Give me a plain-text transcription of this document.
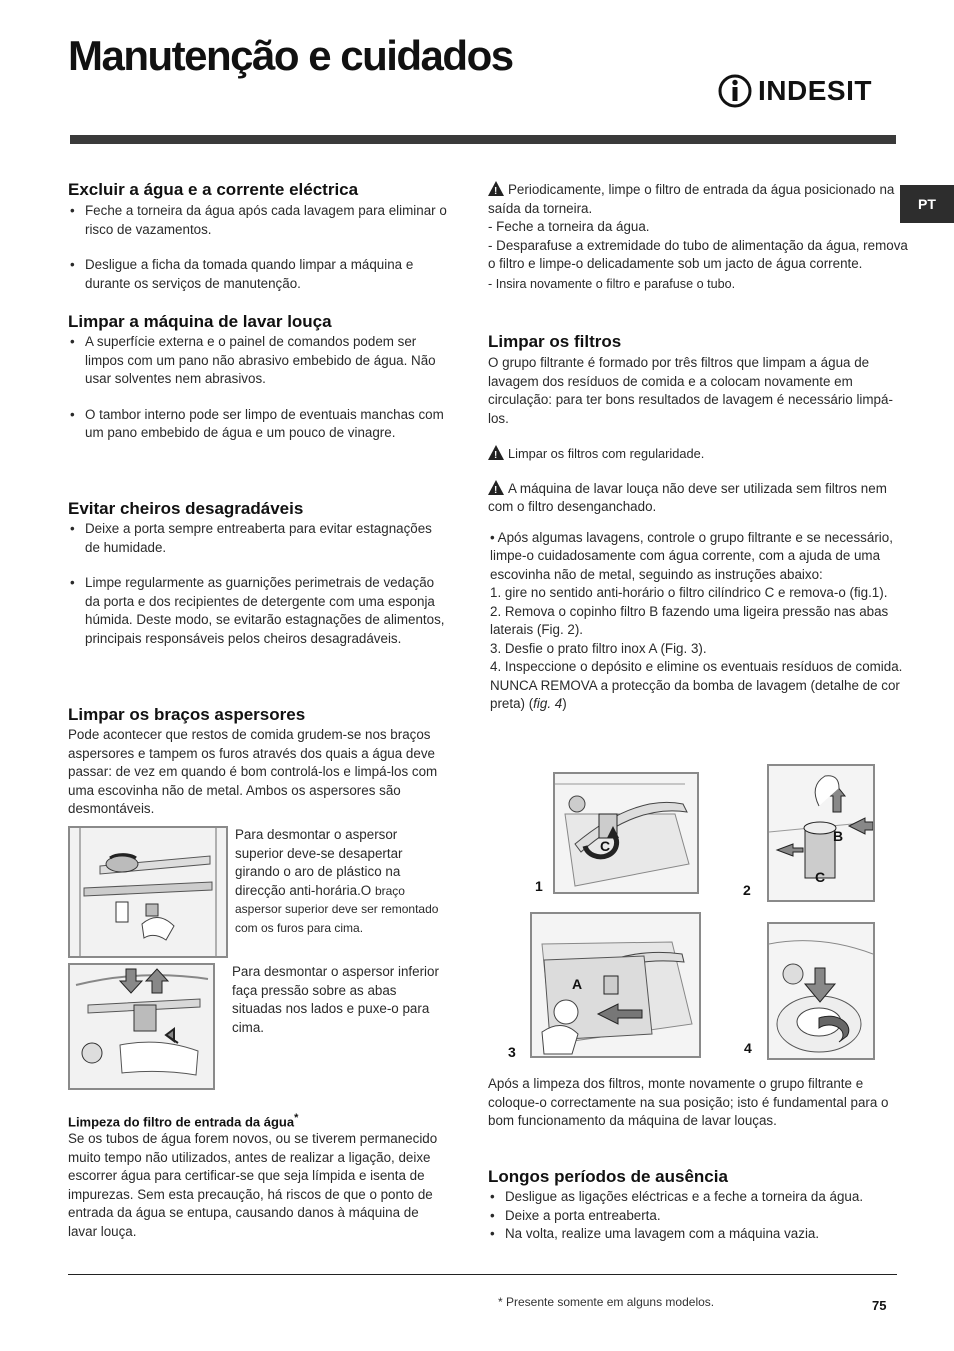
Manutenção e cuidados
INDESIT
PT
Excluir a água e a corrente eléctrica
• Feche a torneira da água após cada lavagem para eliminar o risco de vazamentos.
• Desligue a ficha da tomada quando limpar a máquina e durante os serviços de manutenção.
Limpar a máquina de lavar louça
• A superfície externa e o painel de comandos podem ser limpos com um pano não abrasivo embebido de água. Não usar solventes nem abrasivos.
• O tambor interno pode ser limpo de eventuais manchas com um pano embebido de água e um pouco de vinagre.
Evitar cheiros desagradáveis
• Deixe a porta sempre entreaberta para evitar estagnações de humidade.
• Limpe regularmente as guarnições perimetrais de vedação da porta e dos recipientes de detergente com uma esponja húmida. Deste modo, se evitarão estagnações de alimentos, principais responsáveis pelos cheiros desagradáveis.
Limpar os braços aspersores

Pode acontecer que restos de comida grudem-se nos braços aspersores e tampem os furos através dos quais a água deve passar: de vez em quando é bom controlá-los e limpá-los com uma escovinha não de metal. Ambos os aspersores são desmontáveis.

Para desmontar o aspersor superior deve-se desapertar girando o aro de plástico na direcção anti-horária.O braço aspersor superior deve ser remontado com os furos para cima.
Para desmontar o aspersor inferior faça pressão sobre as abas situadas nos lados e puxe-o para cima.
Limpeza do filtro de entrada da água*

Se os tubos de água forem novos, ou se tiverem permanecido muito tempo não utilizados, antes de realizar a ligação, deixe escorrer água para certificar-se que seja límpida e isenta de impurezas. Sem esta precaução, há riscos de que o ponto de entrada da água se entupa, causando danos à máquina de lavar louça.

!Periodicamente, limpe o filtro de entrada da água posicionado na saída da torneira.

- Feche a torneira da água.

- Desparafuse a extremidade do tubo de alimentação da água, remova o filtro e limpe-o delicadamente sob um jacto de água corrente.

- Insira novamente o filtro e parafuse o tubo.

Limpar os filtros

O grupo filtrante é formado por três filtros que limpam a água de lavagem dos resíduos de comida e a colocam novamente em circulação: para ter bons resultados de lavagem é necessário limpá-los.

!Limpar os filtros com regularidade.

!A máquina de lavar louça não deve ser utilizada sem filtros nem com o filtro desenganchado.

• Após algumas lavagens, controle o grupo filtrante e se necessário, limpe-o cuidadosamente com água corrente, com a ajuda de uma escovinha não de metal, seguindo as instruções abaixo:

1. gire no sentido anti-horário o filtro cilíndrico C e remova-o (fig.1).

2. Remova o copinho filtro B fazendo uma ligeira pressão nas abas laterais (Fig. 2).

3. Desfie o prato filtro inox A (Fig. 3).

4. Inspeccione o depósito e elimine os eventuais resíduos de comida. NUNCA REMOVA a protecção da bomba de lavagem (detalhe de cor preta) (fig. 4)

C
1
B
C
2
A
3	4
Após a limpeza dos filtros, monte novamente o grupo filtrante e coloque-o correctamente na sua posição; isto é fundamental para o bom funcionamento da máquina de lavar louças.
Longos períodos de ausência
• Desligue as ligações eléctricas e a feche a torneira da água.
• Deixe a porta entreaberta.
• Na volta, realize uma lavagem com a máquina vazia.
* Presente somente em alguns modelos.	75
